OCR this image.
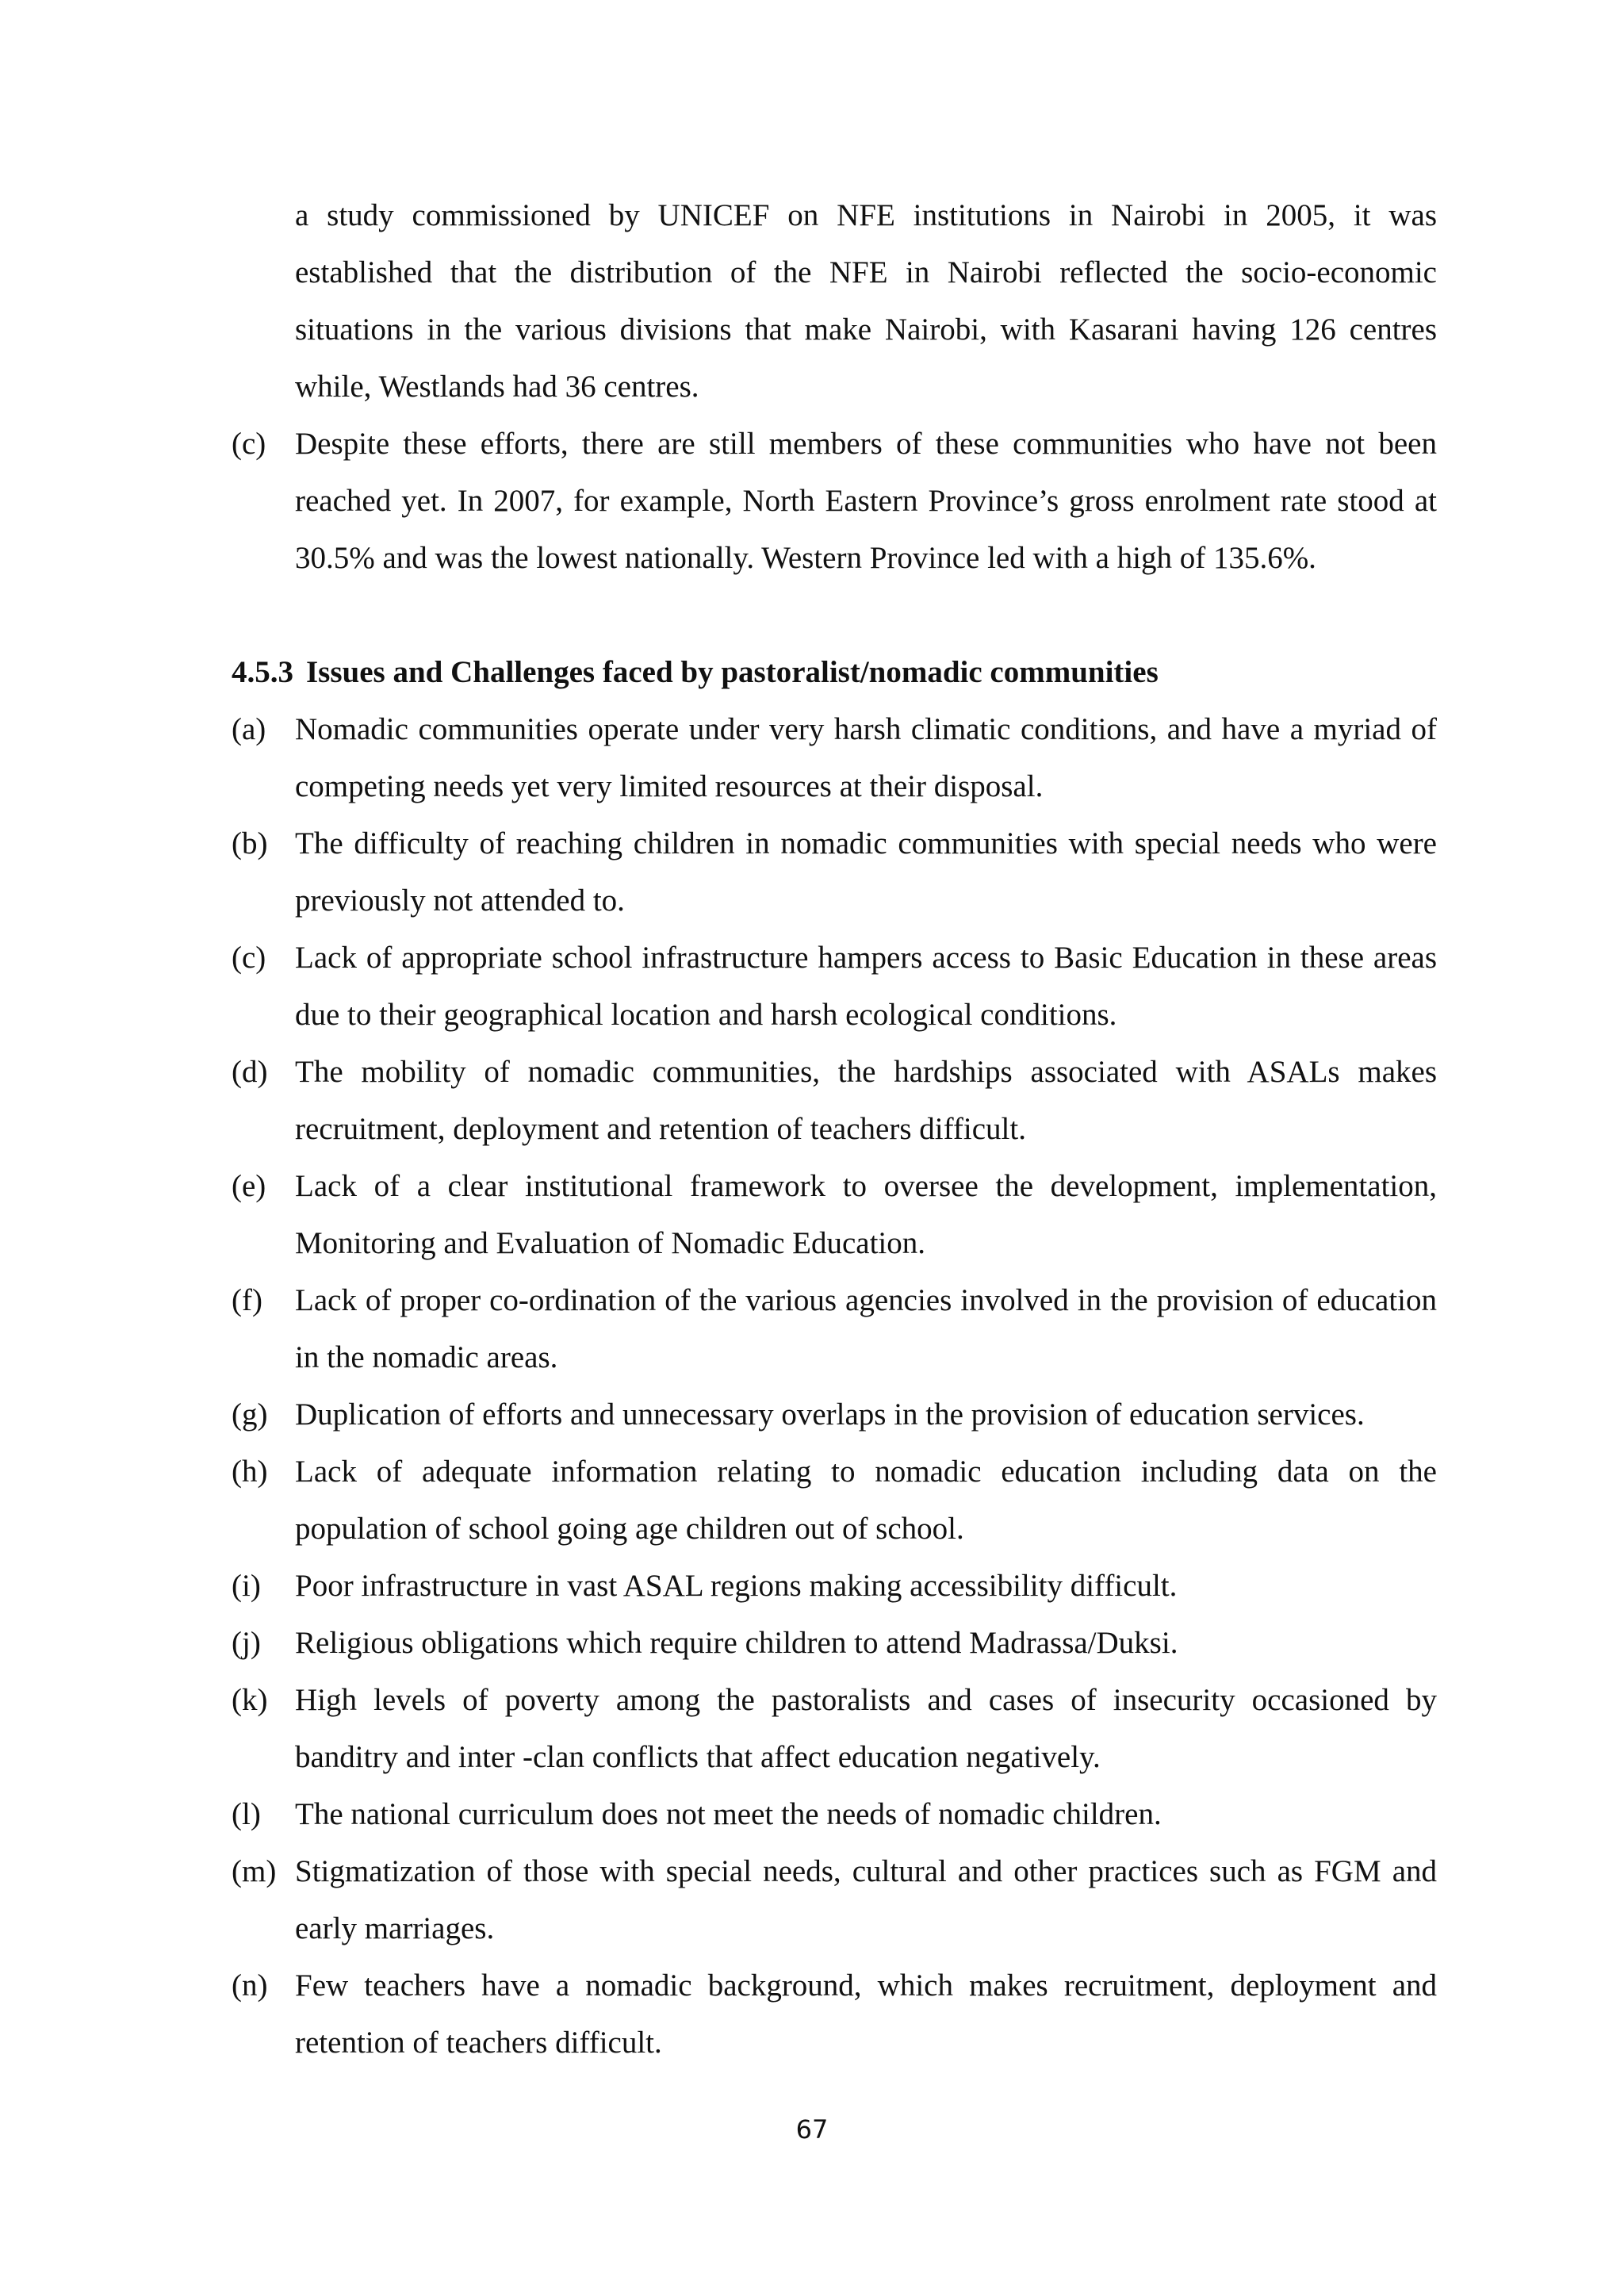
a study commissioned by UNICEF on NFE institutions in Nairobi in 2005, it was established that the distribution of the NFE in Nairobi reflected the socio-economic situations in the various divisions that make Nairobi, with Kasarani having 126 centres while, Westlands had 36 centres.
(c) Despite these efforts, there are still members of these communities who have not been reached yet. In 2007, for example, North Eastern Province’s gross enrolment rate stood at 30.5% and was the lowest nationally. Western Province led with a high of 135.6%.
4.5.3 Issues and Challenges faced by pastoralist/nomadic communities
(a) Nomadic communities operate under very harsh climatic conditions, and have a myriad of competing needs yet very limited resources at their disposal.
(b) The difficulty of reaching children in nomadic communities with special needs who were previously not attended to.
(c) Lack of appropriate school infrastructure hampers access to Basic Education in these areas due to their geographical location and harsh ecological conditions.
(d) The mobility of nomadic communities, the hardships associated with ASALs makes recruitment, deployment and retention of teachers difficult.
(e) Lack of a clear institutional framework to oversee the development, implementation, Monitoring and Evaluation of Nomadic Education.
(f)	Lack of proper co-ordination of the various agencies involved in the provision of education in the nomadic areas.
(g) Duplication of efforts and unnecessary overlaps in the provision of education services.
(h) Lack of adequate information relating to nomadic education including data on the population of school going age children out of school.
(i)	Poor infrastructure in vast ASAL regions making accessibility difficult.
(j)	Religious obligations which require children to attend Madrassa/Duksi.
(k) High levels of poverty among the pastoralists and cases of insecurity occasioned by banditry and inter -clan conflicts that affect education negatively.
(l)	The national curriculum does not meet the needs of nomadic children.
(m) Stigmatization of those with special needs, cultural and other practices such as FGM and early marriages.
(n) Few teachers have a nomadic background, which makes recruitment, deployment and retention of teachers difficult.
67
